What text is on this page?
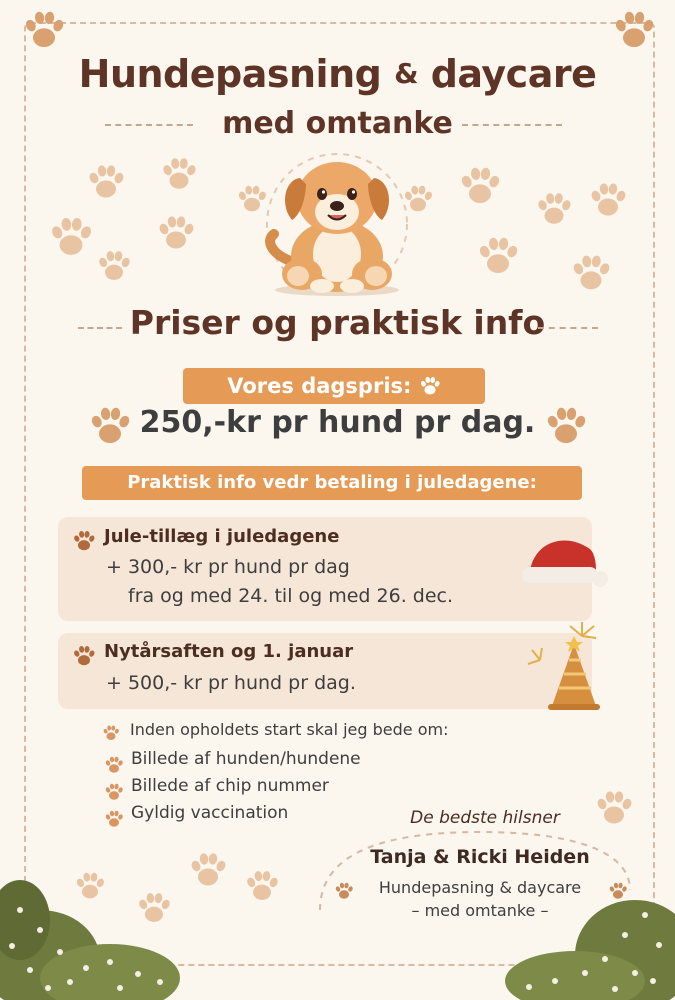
Hundepasning & daycare
med omtanke
Priser og praktisk info
Vores dagspris:
250,-kr pr hund pr dag.
Praktisk info vedr betaling i juledagene:
Jule-tillæg i juledagene
+ 300,- kr pr hund pr dag
fra og med 24. til og med 26. dec.
Nytårsaften og 1. januar
+ 500,- kr pr hund pr dag.
Inden opholdets start skal jeg bede om:
Billede af hunden/hundene
Billede af chip nummer
Gyldig vaccination	De bedste hilsner
Tanja & Ricki Heiden
Hundepasning & daycare
– med omtanke –
